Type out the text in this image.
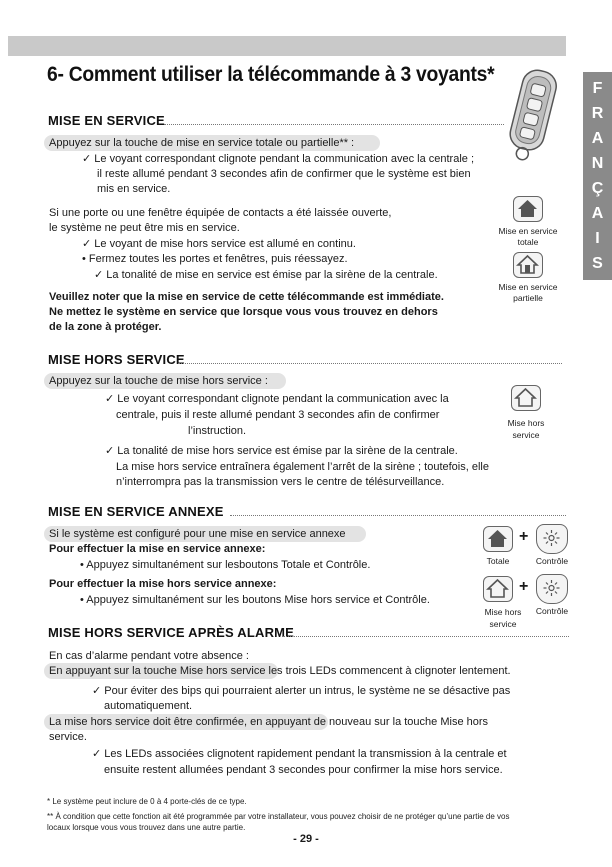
6- Comment utiliser la télécommande à 3 voyants*
F
R
A
N
Ç
A
I
S
MISE EN SERVICE
Appuyez sur la touche de mise en service totale ou partielle** :
✓ Le voyant correspondant clignote pendant la communication avec la centrale ;
il reste allumé pendant 3 secondes afin de confirmer que le système est bien
mis en service.
Si une porte ou une fenêtre équipée de contacts a été laissée ouverte,
le système ne peut être mis en service.
✓ Le voyant de mise hors service est allumé en continu.
• Fermez toutes les portes et fenêtres, puis réessayez.
✓ La tonalité de mise en service est émise par la sirène de la centrale.
Veuillez noter que la mise en service de cette télécommande est immédiate.
Ne mettez le système en service que lorsque vous vous trouvez en dehors
de la zone à protéger.
Mise en service
totale
Mise en service
partielle
MISE HORS SERVICE
Appuyez sur la touche de mise hors service :
✓ Le voyant correspondant clignote pendant la communication avec la
centrale, puis il reste allumé pendant 3 secondes afin de confirmer
l’instruction.
✓ La tonalité de mise hors service est émise par la sirène de la centrale.
La mise hors service entraînera également l’arrêt de la sirène ; toutefois, elle
n’interrompra pas la transmission vers le centre de télésurveillance.
Mise hors
service
MISE EN SERVICE ANNEXE
Si le système est configuré pour une mise en service annexe
Pour effectuer la mise en service annexe:
• Appuyez simultanément sur lesboutons Totale et Contrôle.
Pour effectuer la mise hors service annexe:
• Appuyez simultanément sur les boutons Mise hors service et Contrôle.
+
Totale	Contrôle
+
Mise hors
service
Contrôle
MISE HORS SERVICE APRÈS ALARME
En cas d’alarme pendant votre absence :
En appuyant sur la touche Mise hors service les trois LEDs commencent à clignoter lentement.
✓ Pour éviter des bips qui pourraient alerter un intrus, le système ne se désactive pas
automatiquement.
La mise hors service doit être confirmée, en appuyant de nouveau sur la touche Mise hors
service.
✓ Les LEDs associées clignotent rapidement pendant la transmission à la centrale et
ensuite restent allumées pendant 3 secondes pour confirmer la mise hors service.
* Le système peut inclure de 0 à 4 porte-clés de ce type.
** À condition que cette fonction ait été programmée par votre installateur, vous pouvez choisir de ne protéger qu’une partie de vos
locaux lorsque vous vous trouvez dans une autre partie.
- 29 -
